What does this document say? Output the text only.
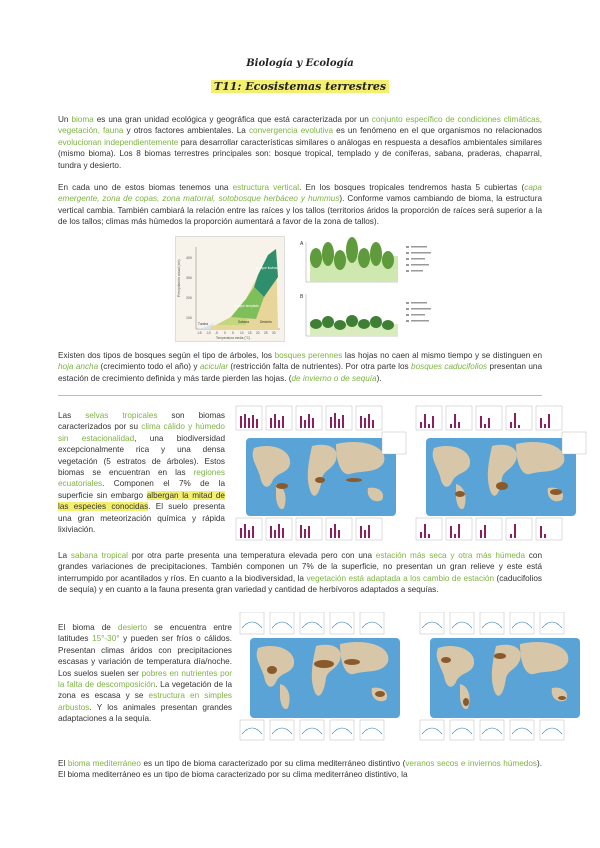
Biología y Ecología
T11: Ecosistemas terrestres
Un bioma es una gran unidad ecológica y geográfica que está caracterizada por un conjunto específico de condiciones climáticas, vegetación, fauna y otros factores ambientales. La convergencia evolutiva es un fenómeno en el que organismos no relacionados evolucionan independientemente para desarrollar características similares o análogas en respuesta a desafíos ambientales similares (mismo bioma). Los 8 biomas terrestres principales son: bosque tropical, templado y de coníferas, sabana, praderas, chaparral, tundra y desierto.
En cada uno de estos biomas tenemos una estructura vertical. En los bosques tropicales tendremos hasta 5 cubiertas (capa emergente, zona de copas, zona matorral, sotobosque herbáceo y hummus). Conforme vamos cambiando de bioma, la estructura vertical cambia. También cambiará la relación entre las raíces y los tallos (territorios áridos la proporción de raíces será superior a la de los tallos; climas más húmedos la proporción aumentará a favor de la zona de tallos).
Precipitación anual (cm)
400
300
200
100
Bosque lluvioso
Bosque templado
Sabana	Desierto
Tundra
-15 -10 -5 0 5 10 15 20 25 30
Temperatura media (°C)
A
B
Existen dos tipos de bosques según el tipo de árboles, los bosques perennes las hojas no caen al mismo tiempo y se distinguen en hoja ancha (crecimiento todo el año) y acicular (restricción falta de nutrientes). Por otra parte los bosques caducifolios presentan una estación de crecimiento definida y más tarde pierden las hojas. (de invierno o de sequía).
Las selvas tropicales son biomas caracterizados por su clima cálido y húmedo sin estacionalidad, una biodiversidad excepcionalmente rica y una densa vegetación (5 estratos de árboles). Estos biomas se encuentran en las regiones ecuatoriales. Componen el 7% de la superficie sin embargo albergan la mitad de las especies conocidas. El suelo presenta una gran meteorización química y rápida lixiviación.
La sabana tropical por otra parte presenta una temperatura elevada pero con una estación más seca y otra más húmeda con grandes variaciones de precipitaciones. También componen un 7% de la superficie, no presentan un gran relieve y este está interrumpido por acantilados y ríos. En cuanto a la biodiversidad, la vegetación está adaptada a los cambio de estación (caducifolios de sequía) y en cuanto a la fauna presenta gran variedad y cantidad de herbívoros adaptados a sequías.
El bioma de desierto se encuentra entre latitudes 15°-30° y pueden ser fríos o cálidos. Presentan climas áridos con precipitaciones escasas y variación de temperatura día/noche. Los suelos suelen ser pobres en nutrientes por la falta de descomposición. La vegetación de la zona es escasa y se estructura en simples arbustos. Y los animales presentan grandes adaptaciones a la sequía.
El bioma mediterráneo es un tipo de bioma caracterizado por su clima mediterráneo distintivo (veranos secos e inviernos húmedos). El bioma mediterráneo es un tipo de bioma caracterizado por su clima mediterráneo distintivo, la
